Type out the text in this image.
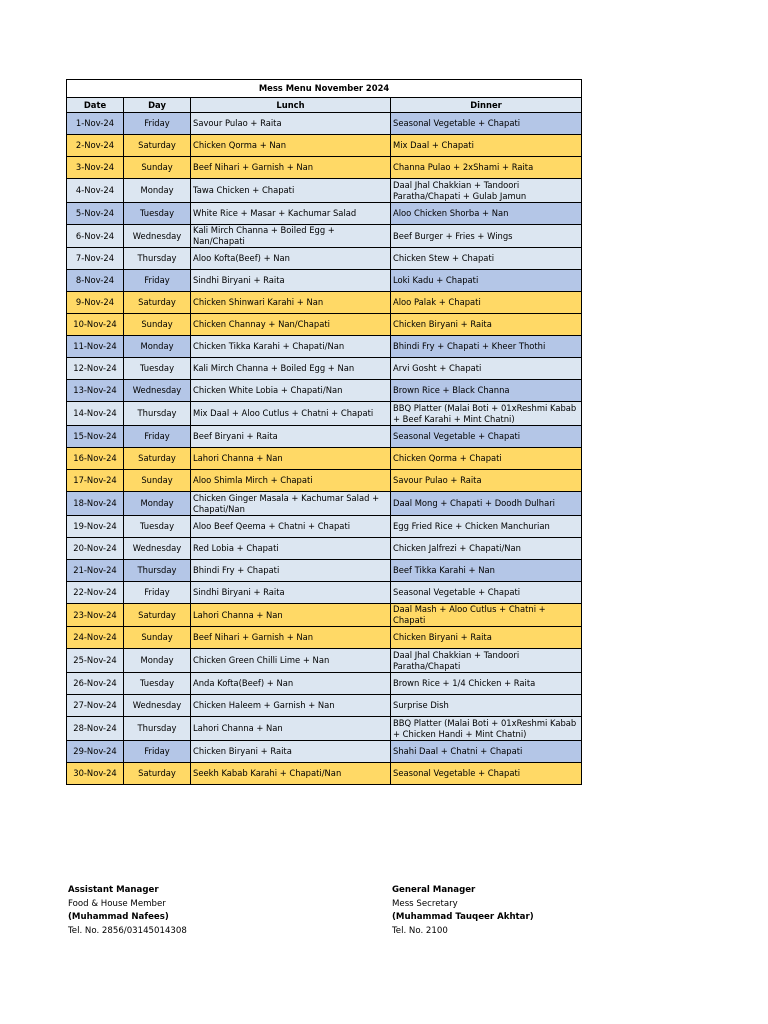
Mess Menu November 2024			
Date	Day	Lunch	Dinner
1-Nov-24	Friday	Savour Pulao + Raita	Seasonal Vegetable + Chapati
2-Nov-24	Saturday	Chicken Qorma + Nan	Mix Daal + Chapati
3-Nov-24	Sunday	Beef Nihari + Garnish + Nan	Channa Pulao + 2xShami + Raita
4-Nov-24	Monday	Tawa Chicken + Chapati	Daal Jhal Chakkian + Tandoori Paratha/Chapati + Gulab Jamun
5-Nov-24	Tuesday	White Rice + Masar + Kachumar Salad	Aloo Chicken Shorba + Nan
6-Nov-24	Wednesday	Kali Mirch Channa + Boiled Egg + Nan/Chapati	Beef Burger + Fries + Wings
7-Nov-24	Thursday	Aloo Kofta(Beef) + Nan	Chicken Stew + Chapati
8-Nov-24	Friday	Sindhi Biryani + Raita	Loki Kadu + Chapati
9-Nov-24	Saturday	Chicken Shinwari Karahi + Nan	Aloo Palak + Chapati
10-Nov-24	Sunday	Chicken Channay + Nan/Chapati	Chicken Biryani + Raita
11-Nov-24	Monday	Chicken Tikka Karahi + Chapati/Nan	Bhindi Fry + Chapati + Kheer Thothi
12-Nov-24	Tuesday	Kali Mirch Channa + Boiled Egg + Nan	Arvi Gosht + Chapati
13-Nov-24	Wednesday	Chicken White Lobia + Chapati/Nan	Brown Rice + Black Channa
14-Nov-24	Thursday	Mix Daal + Aloo Cutlus + Chatni + Chapati	BBQ Platter (Malai Boti + 01xReshmi Kabab + Beef Karahi + Mint Chatni)
15-Nov-24	Friday	Beef Biryani + Raita	Seasonal Vegetable + Chapati
16-Nov-24	Saturday	Lahori Channa + Nan	Chicken Qorma + Chapati
17-Nov-24	Sunday	Aloo Shimla Mirch + Chapati	Savour Pulao + Raita
18-Nov-24	Monday	Chicken Ginger Masala + Kachumar Salad + Chapati/Nan	Daal Mong + Chapati + Doodh Dulhari
19-Nov-24	Tuesday	Aloo Beef Qeema + Chatni + Chapati	Egg Fried Rice + Chicken Manchurian
20-Nov-24	Wednesday	Red Lobia + Chapati	Chicken Jalfrezi + Chapati/Nan
21-Nov-24	Thursday	Bhindi Fry + Chapati	Beef Tikka Karahi + Nan
22-Nov-24	Friday	Sindhi Biryani + Raita	Seasonal Vegetable + Chapati
23-Nov-24	Saturday	Lahori Channa + Nan	Daal Mash + Aloo Cutlus + Chatni + Chapati
24-Nov-24	Sunday	Beef Nihari + Garnish + Nan	Chicken Biryani + Raita
25-Nov-24	Monday	Chicken Green Chilli Lime + Nan	Daal Jhal Chakkian + Tandoori Paratha/Chapati
26-Nov-24	Tuesday	Anda Kofta(Beef) + Nan	Brown Rice + 1/4 Chicken + Raita
27-Nov-24	Wednesday	Chicken Haleem + Garnish + Nan	Surprise Dish
28-Nov-24	Thursday	Lahori Channa + Nan	BBQ Platter (Malai Boti + 01xReshmi Kabab + Chicken Handi + Mint Chatni)
29-Nov-24	Friday	Chicken Biryani + Raita	Shahi Daal + Chatni + Chapati
30-Nov-24	Saturday	Seekh Kabab Karahi + Chapati/Nan	Seasonal Vegetable + Chapati
Assistant Manager
Food & House Member
(Muhammad Nafees)
Tel. No. 2856/03145014308
General Manager
Mess Secretary
(Muhammad Tauqeer Akhtar)
Tel. No. 2100
